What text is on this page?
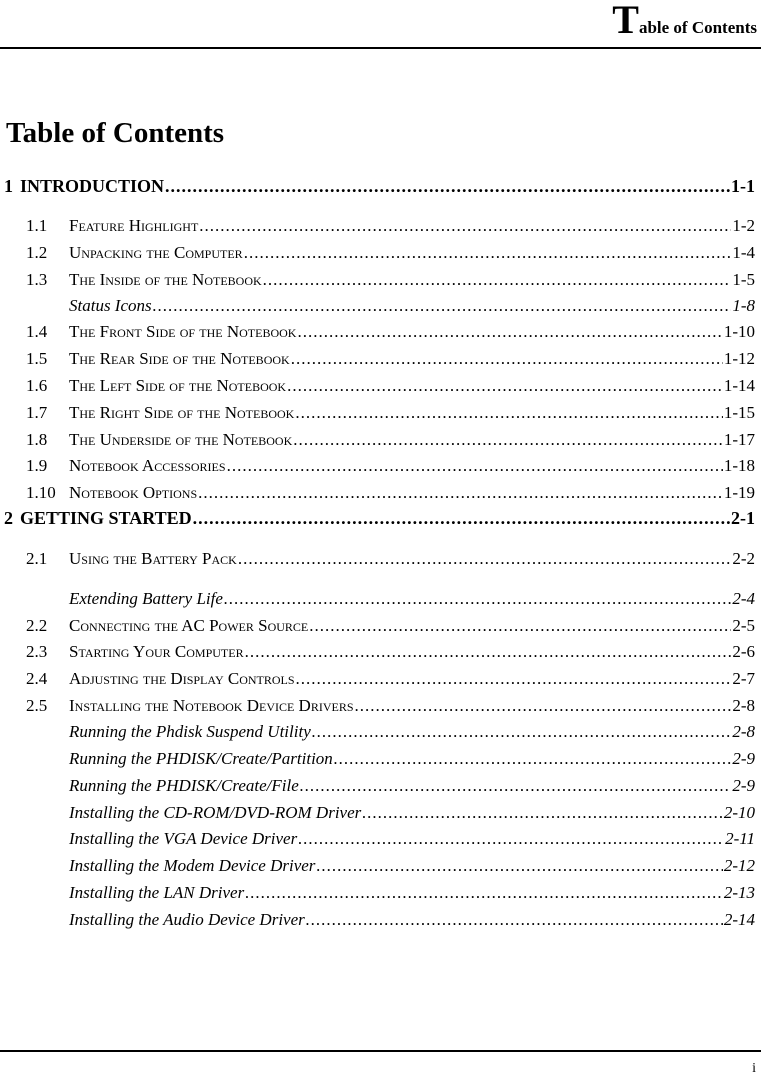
Table of Contents
Table of Contents
1 INTRODUCTION .....	1-1
1.1	Feature Highlight .....	1-2
1.2	Unpacking the Computer .....	1-4
1.3	The Inside of the Notebook .....	1-5
Status Icons .....	1-8
1.4	The Front Side of the Notebook .....	1-10
1.5	The Rear Side of the Notebook .....	1-12
1.6	The Left Side of the Notebook .....	1-14
1.7	The Right Side of the Notebook .....	1-15
1.8	The Underside of the Notebook .....	1-17
1.9	Notebook Accessories .....	1-18
1.10 Notebook Options .....	1-19
2 GETTING STARTED .....	2-1
2.1	Using the Battery Pack .....	2-2
Extending Battery Life .....	2-4
2.2	Connecting the AC Power Source .....	2-5
2.3	Starting Your Computer .....	2-6
2.4	Adjusting the Display Controls .....	2-7
2.5	Installing the Notebook Device Drivers .....	2-8
Running the Phdisk Suspend Utility .....	2-8
Running the PHDISK/Create/Partition .....	2-9
Running the PHDISK/Create/File .....	2-9
Installing the CD-ROM/DVD-ROM Driver .....	2-10
Installing the VGA Device Driver .....	2-11
Installing the Modem Device Driver .....	2-12
Installing the LAN Driver .....	2-13
Installing the Audio Device Driver .....	2-14
i
